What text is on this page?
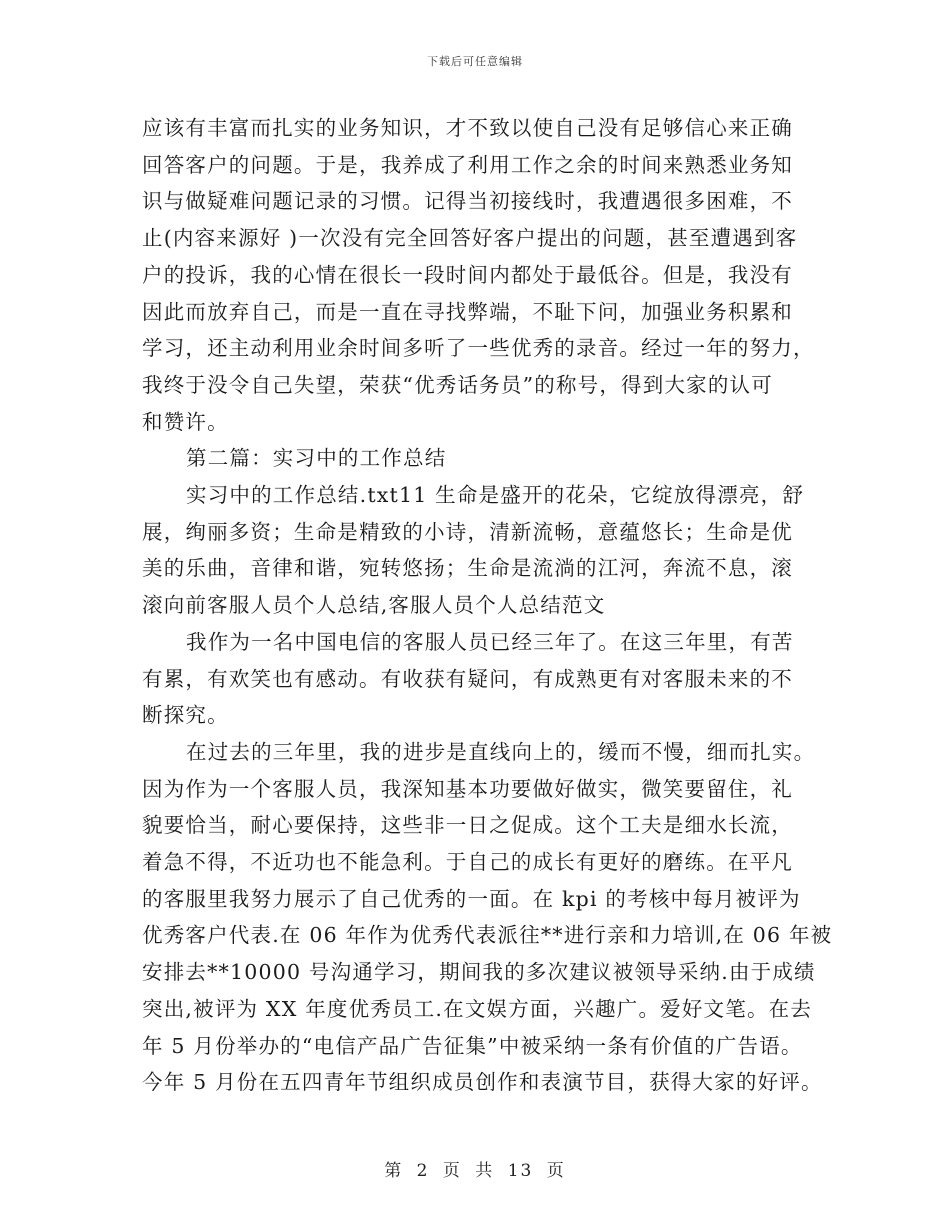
下载后可任意编辑
应该有丰富而扎实的业务知识，才不致以使自己没有足够信心来正确
回答客户的问题。于是，我养成了利用工作之余的时间来熟悉业务知
识与做疑难问题记录的习惯。记得当初接线时，我遭遇很多困难，不
止(内容来源好 )一次没有完全回答好客户提出的问题，甚至遭遇到客
户的投诉，我的心情在很长一段时间内都处于最低谷。但是，我没有
因此而放弃自己，而是一直在寻找弊端，不耻下问，加强业务积累和
学习，还主动利用业余时间多听了一些优秀的录音。经过一年的努力，
我终于没令自己失望，荣获“优秀话务员”的称号，得到大家的认可
和赞许。
第二篇：实习中的工作总结
实习中的工作总结.txt11 生命是盛开的花朵，它绽放得漂亮，舒
展，绚丽多资；生命是精致的小诗，清新流畅，意蕴悠长；生命是优
美的乐曲，音律和谐，宛转悠扬；生命是流淌的江河，奔流不息，滚
滚向前客服人员个人总结,客服人员个人总结范文
我作为一名中国电信的客服人员已经三年了。在这三年里，有苦
有累，有欢笑也有感动。有收获有疑问，有成熟更有对客服未来的不
断探究。
在过去的三年里，我的进步是直线向上的，缓而不慢，细而扎实。
因为作为一个客服人员，我深知基本功要做好做实，微笑要留住，礼
貌要恰当，耐心要保持，这些非一日之促成。这个工夫是细水长流，
着急不得，不近功也不能急利。于自己的成长有更好的磨练。在平凡
的客服里我努力展示了自己优秀的一面。在 kpi 的考核中每月被评为
优秀客户代表.在 06 年作为优秀代表派往**进行亲和力培训,在 06 年被
安排去**10000 号沟通学习，期间我的多次建议被领导采纳.由于成绩
突出,被评为 XX 年度优秀员工.在文娱方面，兴趣广。爱好文笔。在去
年 5 月份举办的“电信产品广告征集”中被采纳一条有价值的广告语。
今年 5 月份在五四青年节组织成员创作和表演节目，获得大家的好评。
第 2 页 共 13 页
